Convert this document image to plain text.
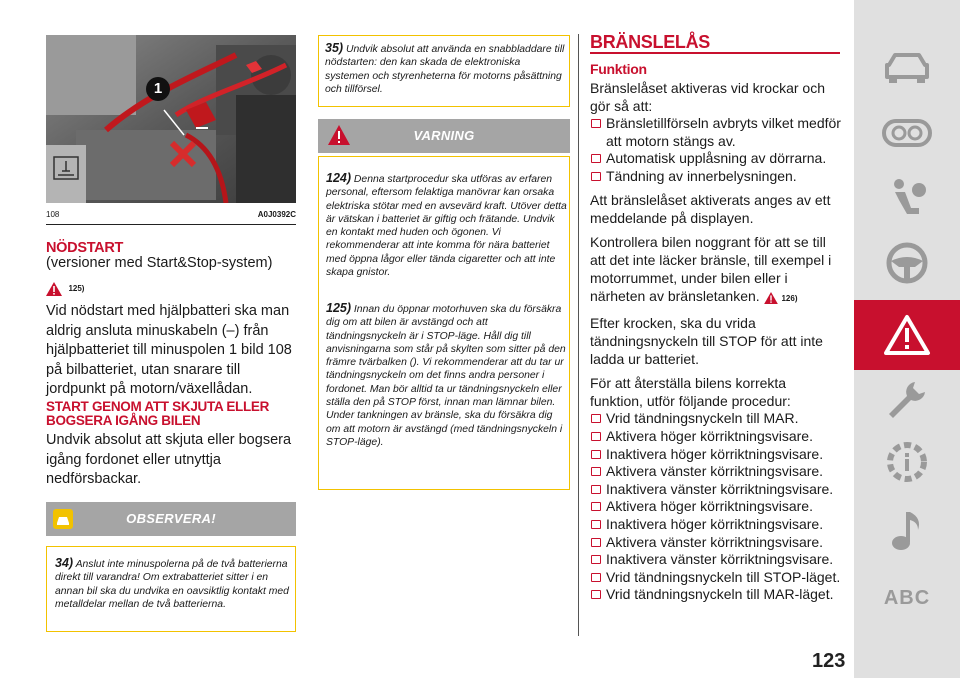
1
108	A0J0392C
NÖDSTART
(versioner med Start&Stop-system)
125)
Vid nödstart med hjälpbatteri ska man aldrig ansluta minuskabeln (–) från hjälpbatteriet till minuspolen 1 bild 108 på bilbatteriet, utan snarare till jordpunkt på motorn/växellådan.
START GENOM ATT SKJUTA ELLER
BOGSERA IGÅNG BILEN
Undvik absolut att skjuta eller bogsera igång fordonet eller utnyttja nedförsbackar.
OBSERVERA!
34) Anslut inte minuspolerna på de två batterierna direkt till varandra! Om extrabatteriet sitter i en annan bil ska du undvika en oavsiktlig kontakt med metalldelar mellan de två batterierna.
35) Undvik absolut att använda en snabbladdare till nödstarten: den kan skada de elektroniska systemen och styrenheterna för motorns påsättning och tillförsel.
VARNING
124) Denna startprocedur ska utföras av erfaren personal, eftersom felaktiga manövrar kan orsaka elektriska stötar med en avsevärd kraft. Utöver detta är vätskan i batteriet är giftig och frätande. Undvik en kontakt med huden och ögonen. Vi rekommenderar att inte komma för nära batteriet med öppna lågor eller tända cigaretter och att inte skapa gnistor.
125) Innan du öppnar motorhuven ska du försäkra dig om att bilen är avstängd och att tändningsnyckeln är i STOP-läge. Håll dig till anvisningarna som står på skylten som sitter på den främre tvärbalken (). Vi rekommenderar att du tar ur tändningsnyckeln om det finns andra personer i fordonet. Man bör alltid ta ur tändningsnyckeln eller ställa den på STOP först, innan man lämnar bilen. Under tankningen av bränsle, ska du försäkra dig om att motorn är avstängd (med tändningsnyckeln i STOP-läge).
BRÄNSLELÅS
Funktion
Bränslelåset aktiveras vid krockar och gör så att:
Bränsletillförseln avbryts vilket medför att motorn stängs av.
Automatisk upplåsning av dörrarna.
Tändning av innerbelysningen.
Att bränslelåset aktiverats anges av ett meddelande på displayen.
Kontrollera bilen noggrant för att se till att det inte läcker bränsle, till exempel i motorrummet, under bilen eller i närheten av bränsletanken.	126)
Efter krocken, ska du vrida tändningsnyckeln till STOP för att inte ladda ur batteriet.
För att återställa bilens korrekta funktion, utför följande procedur:
Vrid tändningsnyckeln till MAR.
Aktivera höger körriktningsvisare.
Inaktivera höger körriktningsvisare.
Aktivera vänster körriktningsvisare.
Inaktivera vänster körriktningsvisare.
Aktivera höger körriktningsvisare.
Inaktivera höger körriktningsvisare.
Aktivera vänster körriktningsvisare.
Inaktivera vänster körriktningsvisare.
Vrid tändningsnyckeln till STOP-läget.
Vrid tändningsnyckeln till MAR-läget.	ABC
123
